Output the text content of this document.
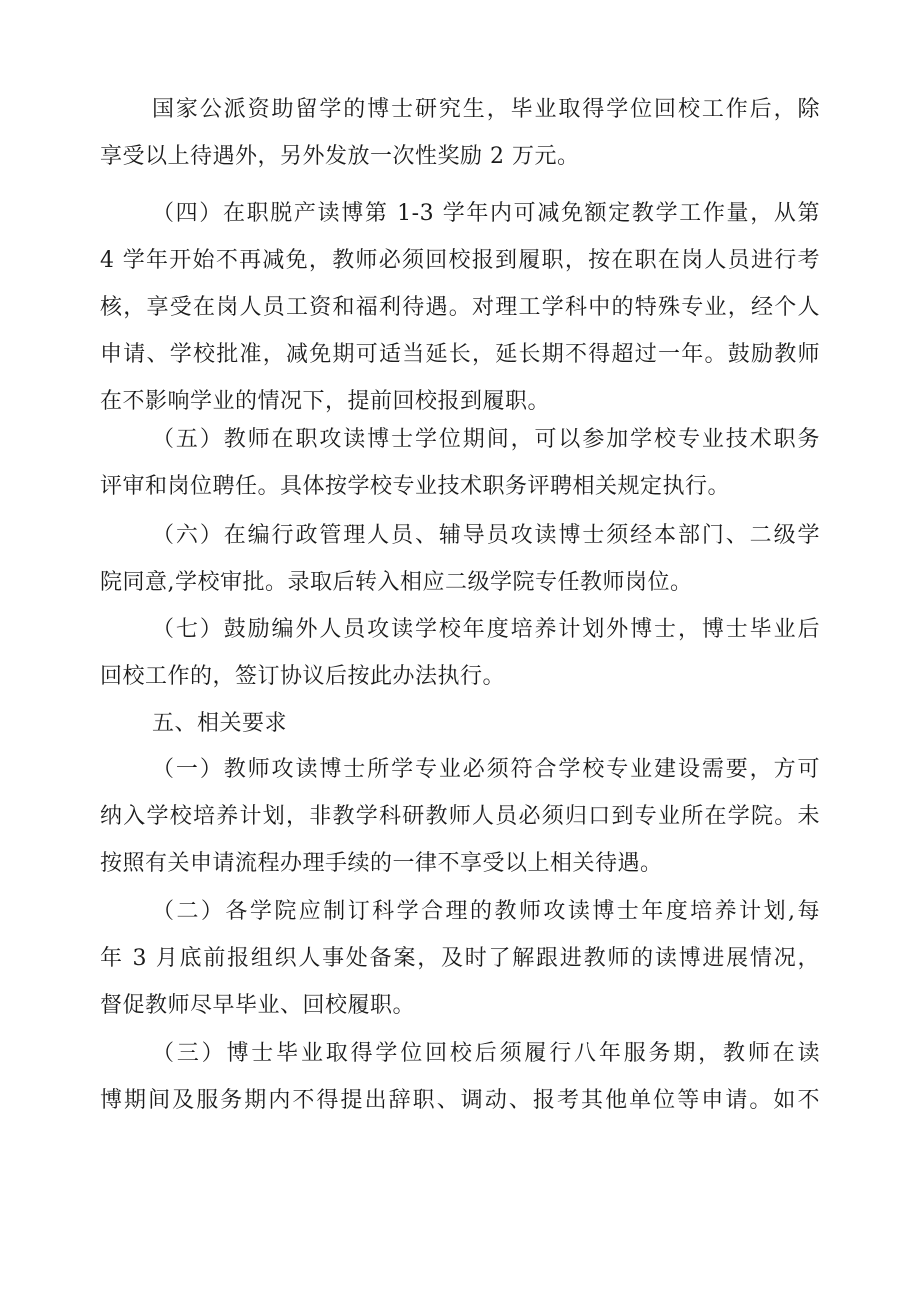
国家公派资助留学的博士研究生，毕业取得学位回校工作后，除
享受以上待遇外，另外发放一次性奖励 2 万元。

（四）在职脱产读博第 1-3 学年内可减免额定教学工作量，从第
4 学年开始不再减免，教师必须回校报到履职，按在职在岗人员进行考
核，享受在岗人员工资和福利待遇。对理工学科中的特殊专业，经个人
申请、学校批准，减免期可适当延长，延长期不得超过一年。鼓励教师
在不影响学业的情况下，提前回校报到履职。

（五）教师在职攻读博士学位期间，可以参加学校专业技术职务
评审和岗位聘任。具体按学校专业技术职务评聘相关规定执行。

（六）在编行政管理人员、辅导员攻读博士须经本部门、二级学
院同意,学校审批。录取后转入相应二级学院专任教师岗位。

（七）鼓励编外人员攻读学校年度培养计划外博士，博士毕业后
回校工作的，签订协议后按此办法执行。

五、相关要求

（一）教师攻读博士所学专业必须符合学校专业建设需要，方可
纳入学校培养计划，非教学科研教师人员必须归口到专业所在学院。未
按照有关申请流程办理手续的一律不享受以上相关待遇。

（二）各学院应制订科学合理的教师攻读博士年度培养计划,每
年 3 月底前报组织人事处备案，及时了解跟进教师的读博进展情况，
督促教师尽早毕业、回校履职。

（三）博士毕业取得学位回校后须履行八年服务期，教师在读
博期间及服务期内不得提出辞职、调动、报考其他单位等申请。如不
